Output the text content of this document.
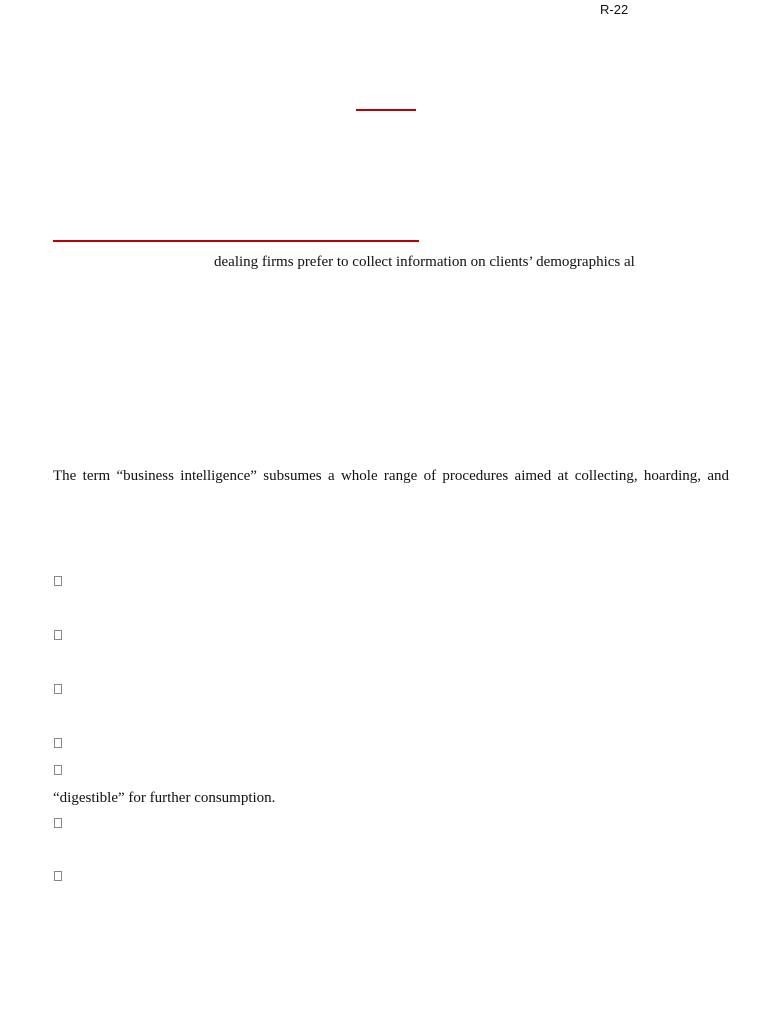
R-22
dealing firms prefer to collect information on clients’ demographics al
The term “business intelligence” subsumes a whole range of procedures aimed at collecting, hoarding, and
“digestible” for further consumption.
